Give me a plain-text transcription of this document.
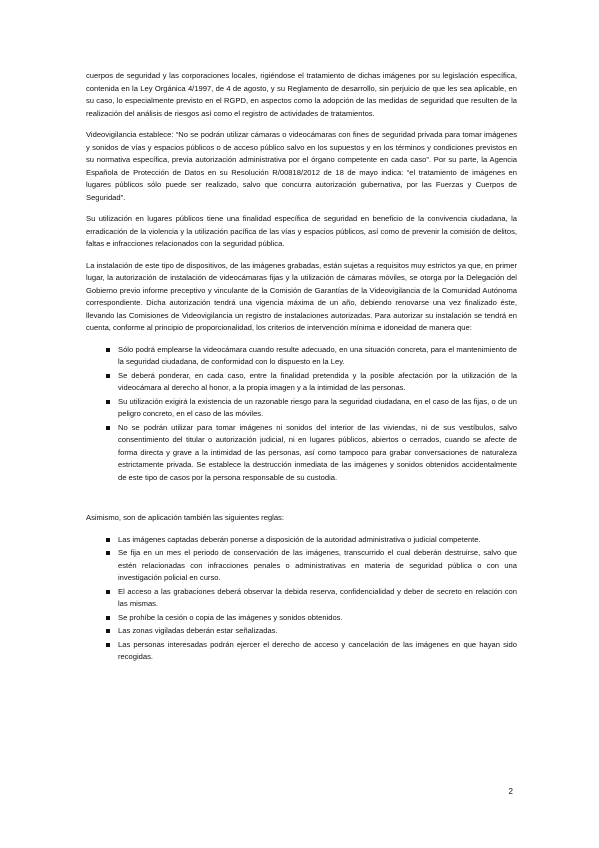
cuerpos de seguridad y las corporaciones locales, rigiéndose el tratamiento de dichas imágenes por su legislación específica, contenida en la Ley Orgánica 4/1997, de 4 de agosto, y su Reglamento de desarrollo, sin perjuicio de que les sea aplicable, en su caso, lo especialmente previsto en el RGPD, en aspectos como la adopción de las medidas de seguridad que resulten de la realización del análisis de riesgos así como el registro de actividades de tratamientos.

Videovigilancia establece: “No se podrán utilizar cámaras o videocámaras con fines de seguridad privada para tomar imágenes y sonidos de vías y espacios públicos o de acceso público salvo en los supuestos y en los términos y condiciones previstos en su normativa específica, previa autorización administrativa por el órgano competente en cada caso”. Por su parte, la Agencia Española de Protección de Datos en su Resolución R/00818/2012 de 18 de mayo indica: “el tratamiento de imágenes en lugares públicos sólo puede ser realizado, salvo que concurra autorización gubernativa, por las Fuerzas y Cuerpos de Seguridad”.

Su utilización en lugares públicos tiene una finalidad específica de seguridad en beneficio de la convivencia ciudadana, la erradicación de la violencia y la utilización pacífica de las vías y espacios públicos, así como de prevenir la comisión de delitos, faltas e infracciones relacionados con la seguridad pública.

La instalación de este tipo de dispositivos, de las imágenes grabadas, están sujetas a requisitos muy estrictos ya que, en primer lugar, la autorización de instalación de videocámaras fijas y la utilización de cámaras móviles, se otorga por la Delegación del Gobierno previo informe preceptivo y vinculante de la Comisión de Garantías de la Videovigilancia de la Comunidad Autónoma correspondiente. Dicha autorización tendrá una vigencia máxima de un año, debiendo renovarse una vez finalizado éste, llevando las Comisiones de Videovigilancia un registro de instalaciones autorizadas. Para autorizar su instalación se tendrá en cuenta, conforme al principio de proporcionalidad, los criterios de intervención mínima e idoneidad de manera que:

Sólo podrá emplearse la videocámara cuando resulte adecuado, en una situación concreta, para el mantenimiento de la seguridad ciudadana, de conformidad con lo dispuesto en la Ley.
Se deberá ponderar, en cada caso, entre la finalidad pretendida y la posible afectación por la utilización de la videocámara al derecho al honor, a la propia imagen y a la intimidad de las personas.
Su utilización exigirá la existencia de un razonable riesgo para la seguridad ciudadana, en el caso de las fijas, o de un peligro concreto, en el caso de las móviles.
No se podrán utilizar para tomar imágenes ni sonidos del interior de las viviendas, ni de sus vestíbulos, salvo consentimiento del titular o autorización judicial, ni en lugares públicos, abiertos o cerrados, cuando se afecte de forma directa y grave a la intimidad de las personas, así como tampoco para grabar conversaciones de naturaleza estrictamente privada. Se establece la destrucción inmediata de las imágenes y sonidos obtenidos accidentalmente de este tipo de casos por la persona responsable de su custodia.

Asimismo, son de aplicación también las siguientes reglas:

Las imágenes captadas deberán ponerse a disposición de la autoridad administrativa o judicial competente.
Se fija en un mes el periodo de conservación de las imágenes, transcurrido el cual deberán destruirse, salvo que estén relacionadas con infracciones penales o administrativas en materia de seguridad pública o con una investigación policial en curso.
El acceso a las grabaciones deberá observar la debida reserva, confidencialidad y deber de secreto en relación con las mismas.
Se prohíbe la cesión o copia de las imágenes y sonidos obtenidos.
Las zonas vigiladas deberán estar señalizadas.
Las personas interesadas podrán ejercer el derecho de acceso y cancelación de las imágenes en que hayan sido recogidas.
2
